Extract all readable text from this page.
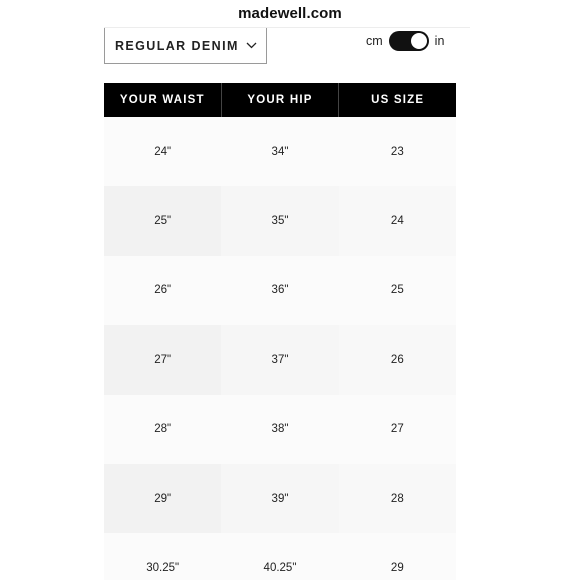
madewell.com
REGULAR DENIM	cm	in
YOUR WAIST	YOUR HIP	US SIZE
24"	34"	23
25"	35"	24
26"	36"	25
27"	37"	26
28"	38"	27
29"	39"	28
30.25"	40.25"	29
